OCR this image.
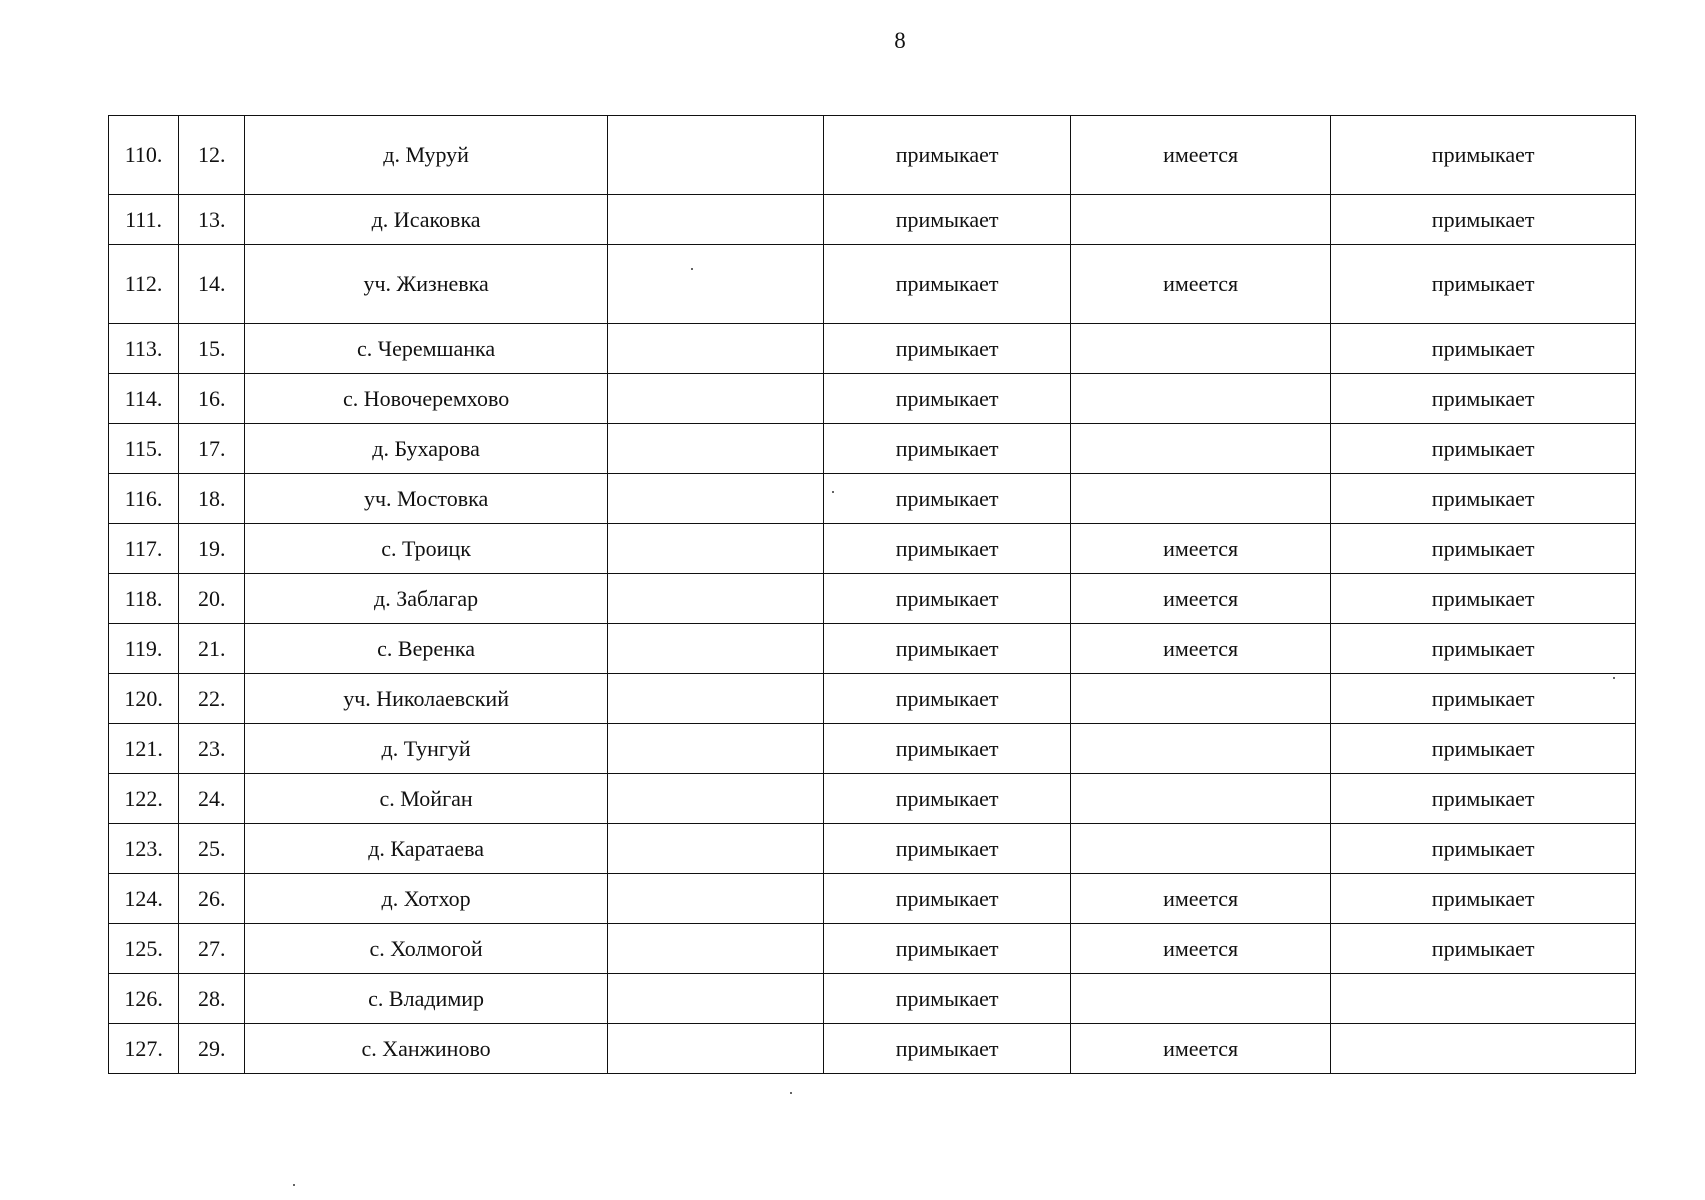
8
110.	12.	д. Муруй		примыкает	имеется	примыкает
111.	13.	д. Исаковка		примыкает		примыкает
112.	14.	уч. Жизневка		примыкает	имеется	примыкает
113.	15.	с. Черемшанка		примыкает		примыкает
114.	16.	с. Новочеремхово		примыкает		примыкает
115.	17.	д. Бухарова		примыкает		примыкает
116.	18.	уч. Мостовка		примыкает		примыкает
117.	19.	с. Троицк		примыкает	имеется	примыкает
118.	20.	д. Заблагар		примыкает	имеется	примыкает
119.	21.	с. Веренка		примыкает	имеется	примыкает
120.	22.	уч. Николаевский		примыкает		примыкает
121.	23.	д. Тунгуй		примыкает		примыкает
122.	24.	с. Мойган		примыкает		примыкает
123.	25.	д. Каратаева		примыкает		примыкает
124.	26.	д. Хотхор		примыкает	имеется	примыкает
125.	27.	с. Холмогой		примыкает	имеется	примыкает
126.	28.	с. Владимир		примыкает		
127.	29.	с. Ханжиново		примыкает	имеется	
